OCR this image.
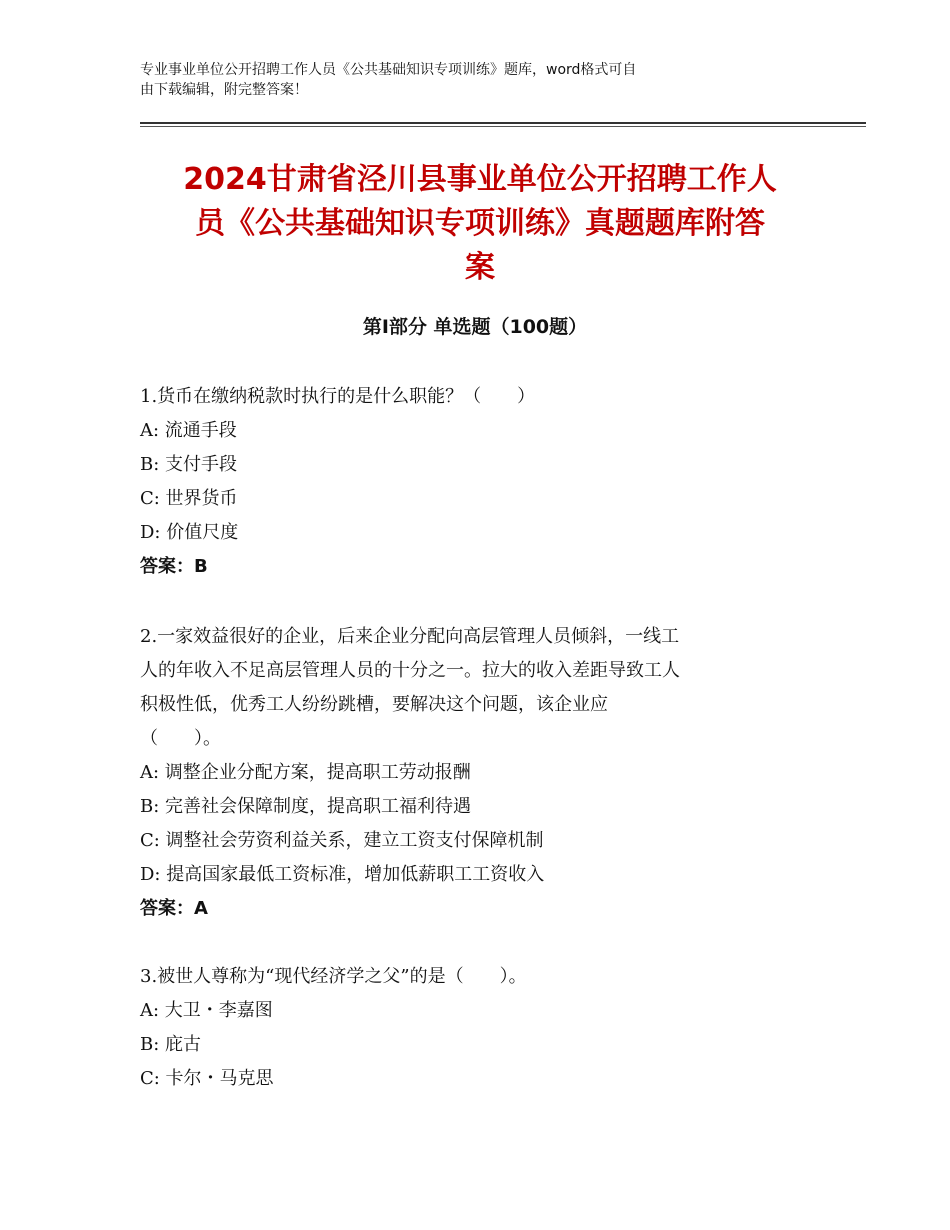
专业事业单位公开招聘工作人员《公共基础知识专项训练》题库，word格式可自
由下载编辑，附完整答案！
2024甘肃省泾川县事业单位公开招聘工作人
员《公共基础知识专项训练》真题题库附答
案
第Ⅰ部分 单选题（100题）
1.货币在缴纳税款时执行的是什么职能？（　　）
A: 流通手段
B: 支付手段
C: 世界货币
D: 价值尺度
答案：B
2.一家效益很好的企业，后来企业分配向高层管理人员倾斜，一线工
人的年收入不足高层管理人员的十分之一。拉大的收入差距导致工人
积极性低，优秀工人纷纷跳槽，要解决这个问题，该企业应
（　　）。
A: 调整企业分配方案，提高职工劳动报酬
B: 完善社会保障制度，提高职工福利待遇
C: 调整社会劳资利益关系，建立工资支付保障机制
D: 提高国家最低工资标准，增加低薪职工工资收入
答案：A
3.被世人尊称为“现代经济学之父”的是（　　）。
A: 大卫・李嘉图
B: 庇古
C: 卡尔・马克思
